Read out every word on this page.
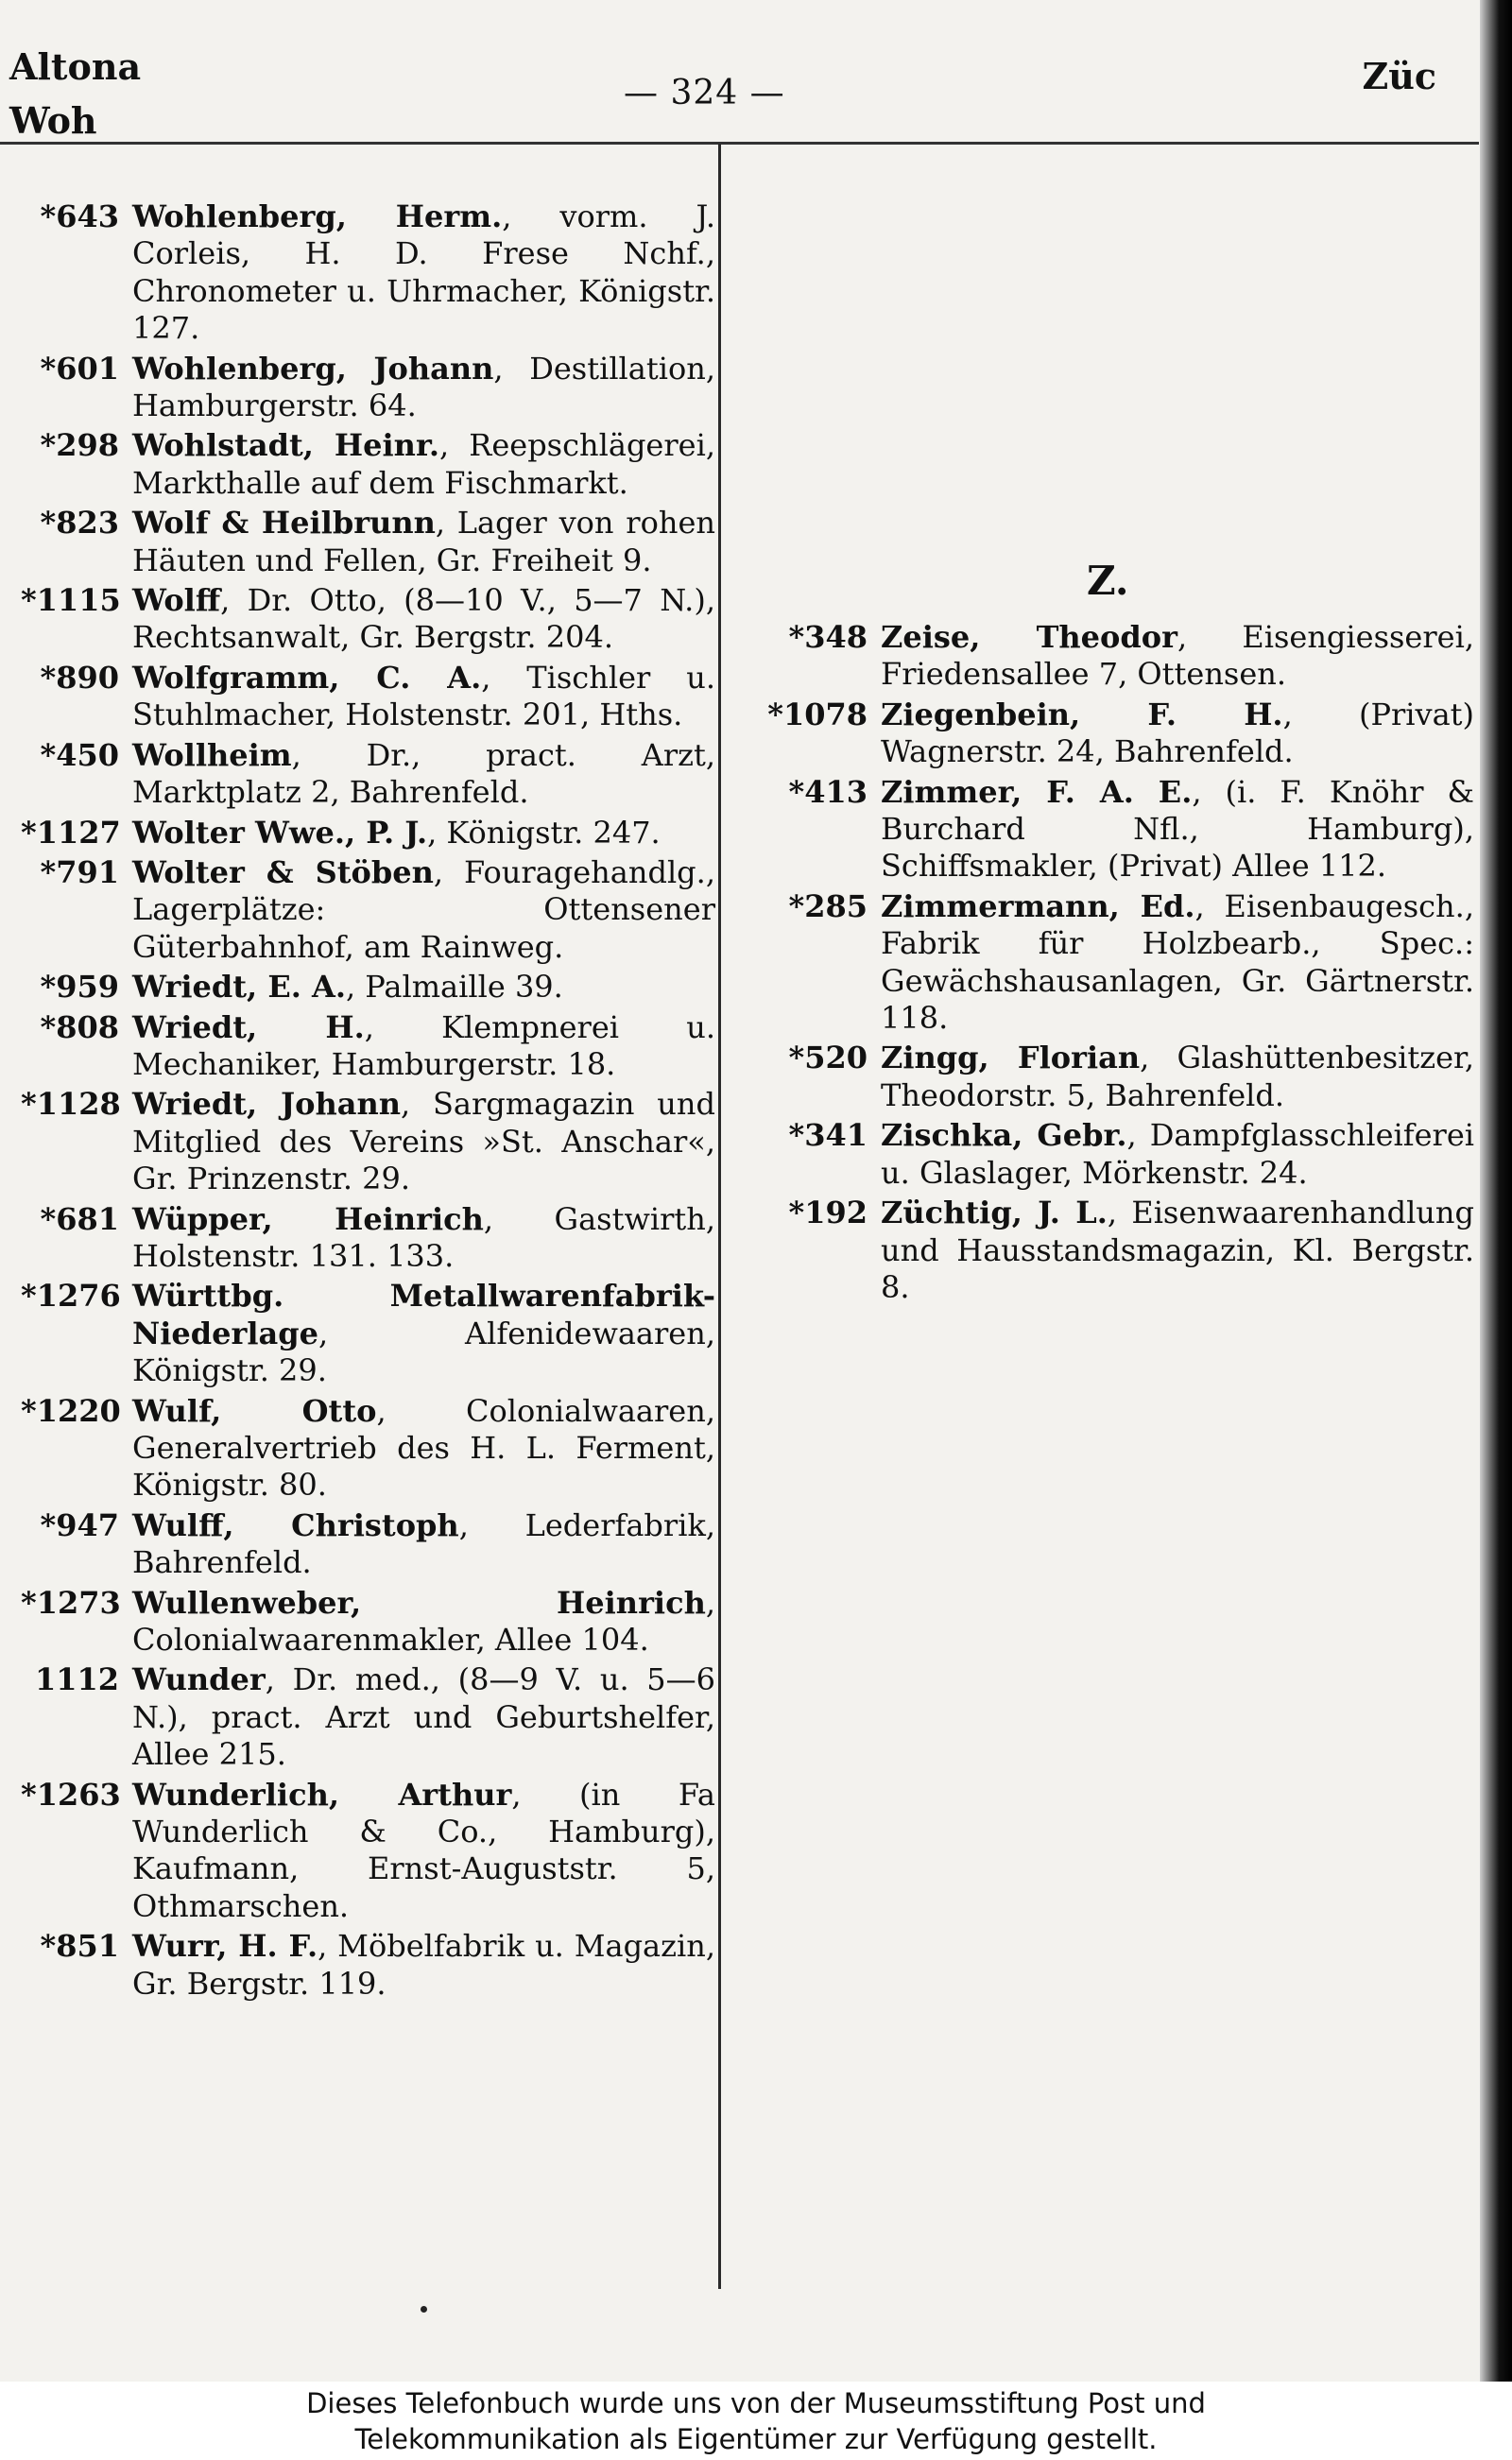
Altona
Woh
— 324 —	Züc
*643 Wohlenberg, Herm., vorm. J. Corleis, H. D. Frese Nchf., Chronometer u. Uhrmacher, Königstr. 127.
*601 Wohlenberg, Johann, Destillation, Hamburgerstr. 64.
*298 Wohlstadt, Heinr., Reepschlägerei, Markthalle auf dem Fischmarkt.
*823 Wolf & Heilbrunn, Lager von rohen Häuten und Fellen, Gr. Freiheit 9.
*1115 Wolff, Dr. Otto, (8—10 V., 5—7 N.), Rechtsanwalt, Gr. Bergstr. 204.
*890 Wolfgramm, C. A., Tischler u. Stuhlmacher, Holstenstr. 201, Hths.
*450 Wollheim, Dr., pract. Arzt, Marktplatz 2, Bahrenfeld.
*1127 Wolter Wwe., P. J., Königstr. 247.
*791 Wolter & Stöben, Fouragehandlg., Lagerplätze: Ottensener Güterbahnhof, am Rainweg.
*959 Wriedt, E. A., Palmaille 39.
*808 Wriedt, H., Klempnerei u. Mechaniker, Hamburgerstr. 18.
*1128 Wriedt, Johann, Sargmagazin und Mitglied des Vereins »St. Anschar«, Gr. Prinzenstr. 29.
*681 Wüpper, Heinrich, Gastwirth, Holstenstr. 131. 133.
*1276 Württbg. Metallwarenfabrik-Niederlage, Alfenidewaaren, Königstr. 29.
*1220 Wulf, Otto, Colonialwaaren, Generalvertrieb des H. L. Ferment, Königstr. 80.
*947 Wulff, Christoph, Lederfabrik, Bahrenfeld.
*1273 Wullenweber, Heinrich, Colonialwaarenmakler, Allee 104.
1112 Wunder, Dr. med., (8—9 V. u. 5—6 N.), pract. Arzt und Geburtshelfer, Allee 215.
*1263 Wunderlich, Arthur, (in Fa Wunderlich & Co., Hamburg), Kaufmann, Ernst-Auguststr. 5, Othmarschen.
*851 Wurr, H. F., Möbelfabrik u. Magazin, Gr. Bergstr. 119.
Z.
*348 Zeise, Theodor, Eisengiesserei, Friedensallee 7, Ottensen.
*1078 Ziegenbein, F. H., (Privat) Wagnerstr. 24, Bahrenfeld.
*413 Zimmer, F. A. E., (i. F. Knöhr & Burchard Nfl., Hamburg), Schiffsmakler, (Privat) Allee 112.
*285 Zimmermann, Ed., Eisenbaugesch., Fabrik für Holzbearb., Spec.: Gewächshausanlagen, Gr. Gärtnerstr. 118.
*520 Zingg, Florian, Glashüttenbesitzer, Theodorstr. 5, Bahrenfeld.
*341 Zischka, Gebr., Dampfglasschleiferei u. Glaslager, Mörkenstr. 24.
*192 Züchtig, J. L., Eisenwaarenhandlung und Hausstandsmagazin, Kl. Bergstr. 8.
Dieses Telefonbuch wurde uns von der Museumsstiftung Post und
Telekommunikation als Eigentümer zur Verfügung gestellt.
